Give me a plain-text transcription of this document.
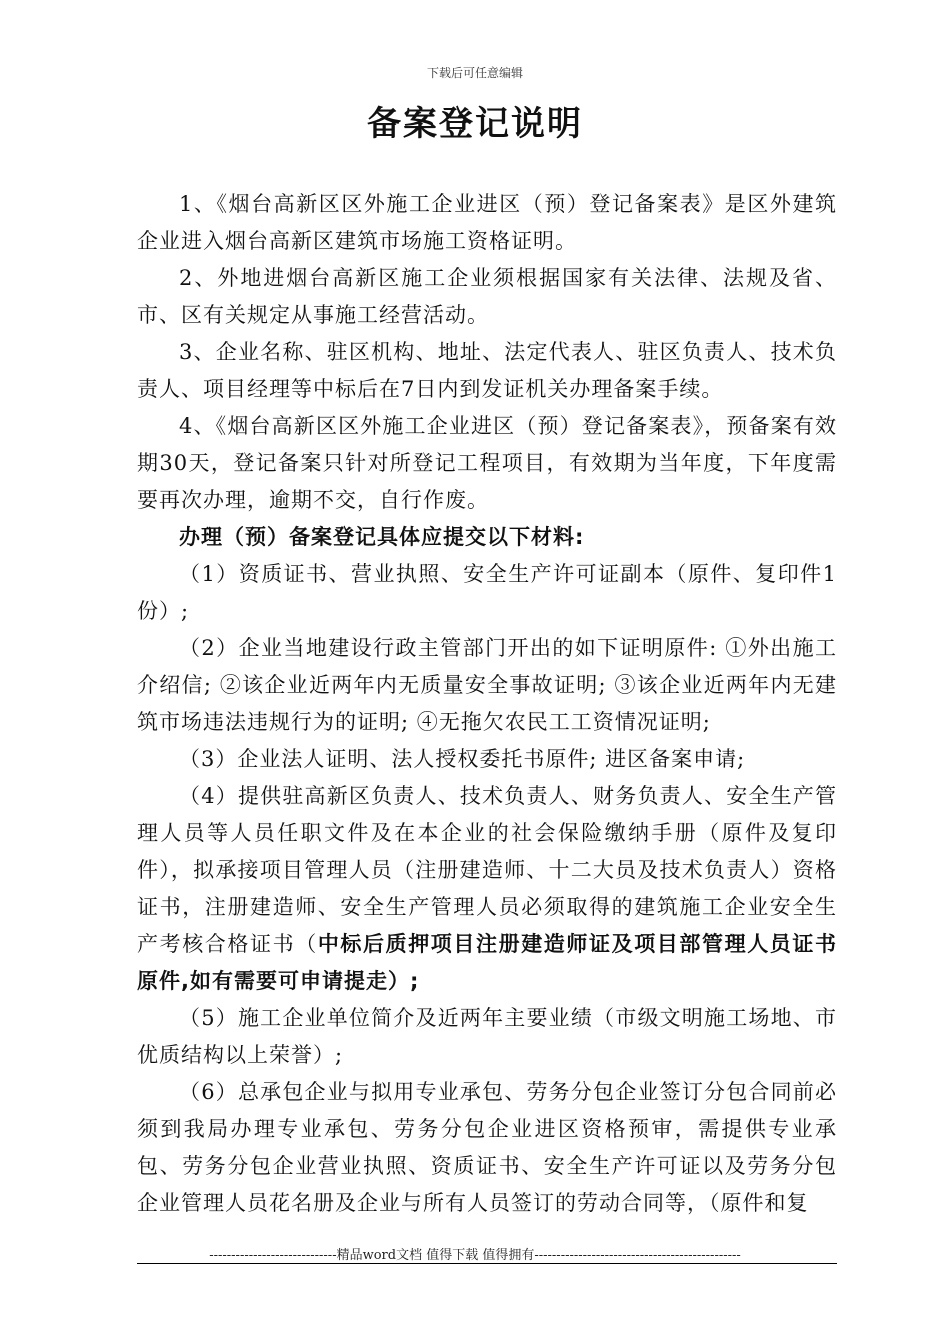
下载后可任意编辑
备案登记说明

1、《烟台高新区区外施工企业进区（预）登记备案表》是区外建筑企业进入烟台高新区建筑市场施工资格证明。

2、外地进烟台高新区施工企业须根据国家有关法律、法规及省、市、区有关规定从事施工经营活动。

3、企业名称、驻区机构、地址、法定代表人、驻区负责人、技术负责人、项目经理等中标后在7日内到发证机关办理备案手续。

4、《烟台高新区区外施工企业进区（预）登记备案表》，预备案有效期30天，登记备案只针对所登记工程项目，有效期为当年度，下年度需要再次办理，逾期不交，自行作废。

办理（预）备案登记具体应提交以下材料:

（1）资质证书、营业执照、安全生产许可证副本（原件、复印件1份）;

（2）企业当地建设行政主管部门开出的如下证明原件: ①外出施工介绍信; ②该企业近两年内无质量安全事故证明; ③该企业近两年内无建筑市场违法违规行为的证明; ④无拖欠农民工工资情况证明;

（3）企业法人证明、法人授权委托书原件; 进区备案申请;

（4）提供驻高新区负责人、技术负责人、财务负责人、安全生产管理人员等人员任职文件及在本企业的社会保险缴纳手册（原件及复印件），拟承接项目管理人员（注册建造师、十二大员及技术负责人）资格证书，注册建造师、安全生产管理人员必须取得的建筑施工企业安全生产考核合格证书（中标后质押项目注册建造师证及项目部管理人员证书原件,如有需要可申请提走）;

（5）施工企业单位简介及近两年主要业绩（市级文明施工场地、市优质结构以上荣誉）;

（6）总承包企业与拟用专业承包、劳务分包企业签订分包合同前必须到我局办理专业承包、劳务分包企业进区资格预审，需提供专业承包、劳务分包企业营业执照、资质证书、安全生产许可证以及劳务分包企业管理人员花名册及企业与所有人员签订的劳动合同等，（原件和复

-----------------------------精品word文档 值得下载 值得拥有-----------------------------------------------
